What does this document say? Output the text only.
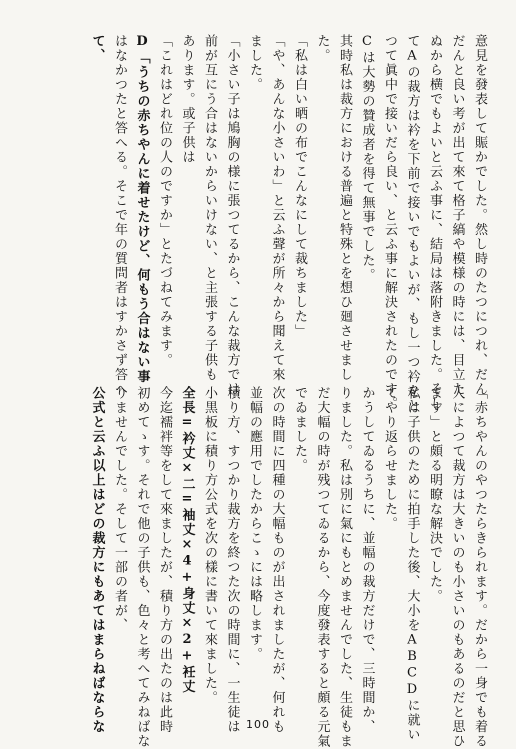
意見を發表して賑かでした。然し時のたつにつれ、だん
だんと良い考が出て來て格子縞や模様の時には、目立た
ぬから横でもよいと云ふ事に、結局は落附きました。そし
てAの裁方は衿を下前で接いでもよいが、もし一つ衿をと
つて眞中で接いだら良い、と云ふ事に解決されたのです。
Cは大勢の贊成者を得て無事でした。
其時私は裁方における普遍と特殊とを想ひ廻させまし
た。
「私は白い晒の布でこんなにして裁ちました」
「や、あんな小さいわ」と云ふ聲が所々から聞えて來
ました。
「小さい子は鳩胸の様に張つてるから、こんな裁方では
前が互にう合はないからいけない、と主張する子供も
あります。或子供は
「これはどれ位の人のですか」とたづねてみます。
D「うちの赤ちやんに着せたけど、何もう合はない事
はなかつたと答へる。そこで年の質問者はすかさず答へ
て、
「赤ちやんのやつたらきられます。だから一身でも着る
人によつて裁方は大きいのも小さいのもあるのだと思ひ
ます」と頗る明瞭な解決でした。
私は子供のために拍手した後、大小をABCDに就い
てやり返らせました。
かうしてゐるうちに、並幅の裁方だけで、三時間か、
りました。私は別に氣にもとめませんでした、生徒もま
だ大幅の時が残つてゐるから、今度發表すると頗る元氣
でゐました。
次の時間に四種の大幅ものが出されましたが、何れも
並幅の應用でしたからこゝには略します。
積り方、すつかり裁方を終つた次の時間に、一生徒は
小黒板に積り方公式を次の樣に書いて來ました。
全長=衿丈×二=袖丈×4+身丈×2+衽丈
今迄襦袢等をして來ましたが、積り方の出たのは此時
初めてゝす。それで他の子供も、色々と考へてみねばな
りませんでした。そして一部の者が、
公式と云ふ以上はどの裁方にもあてはまらねばならな	100
